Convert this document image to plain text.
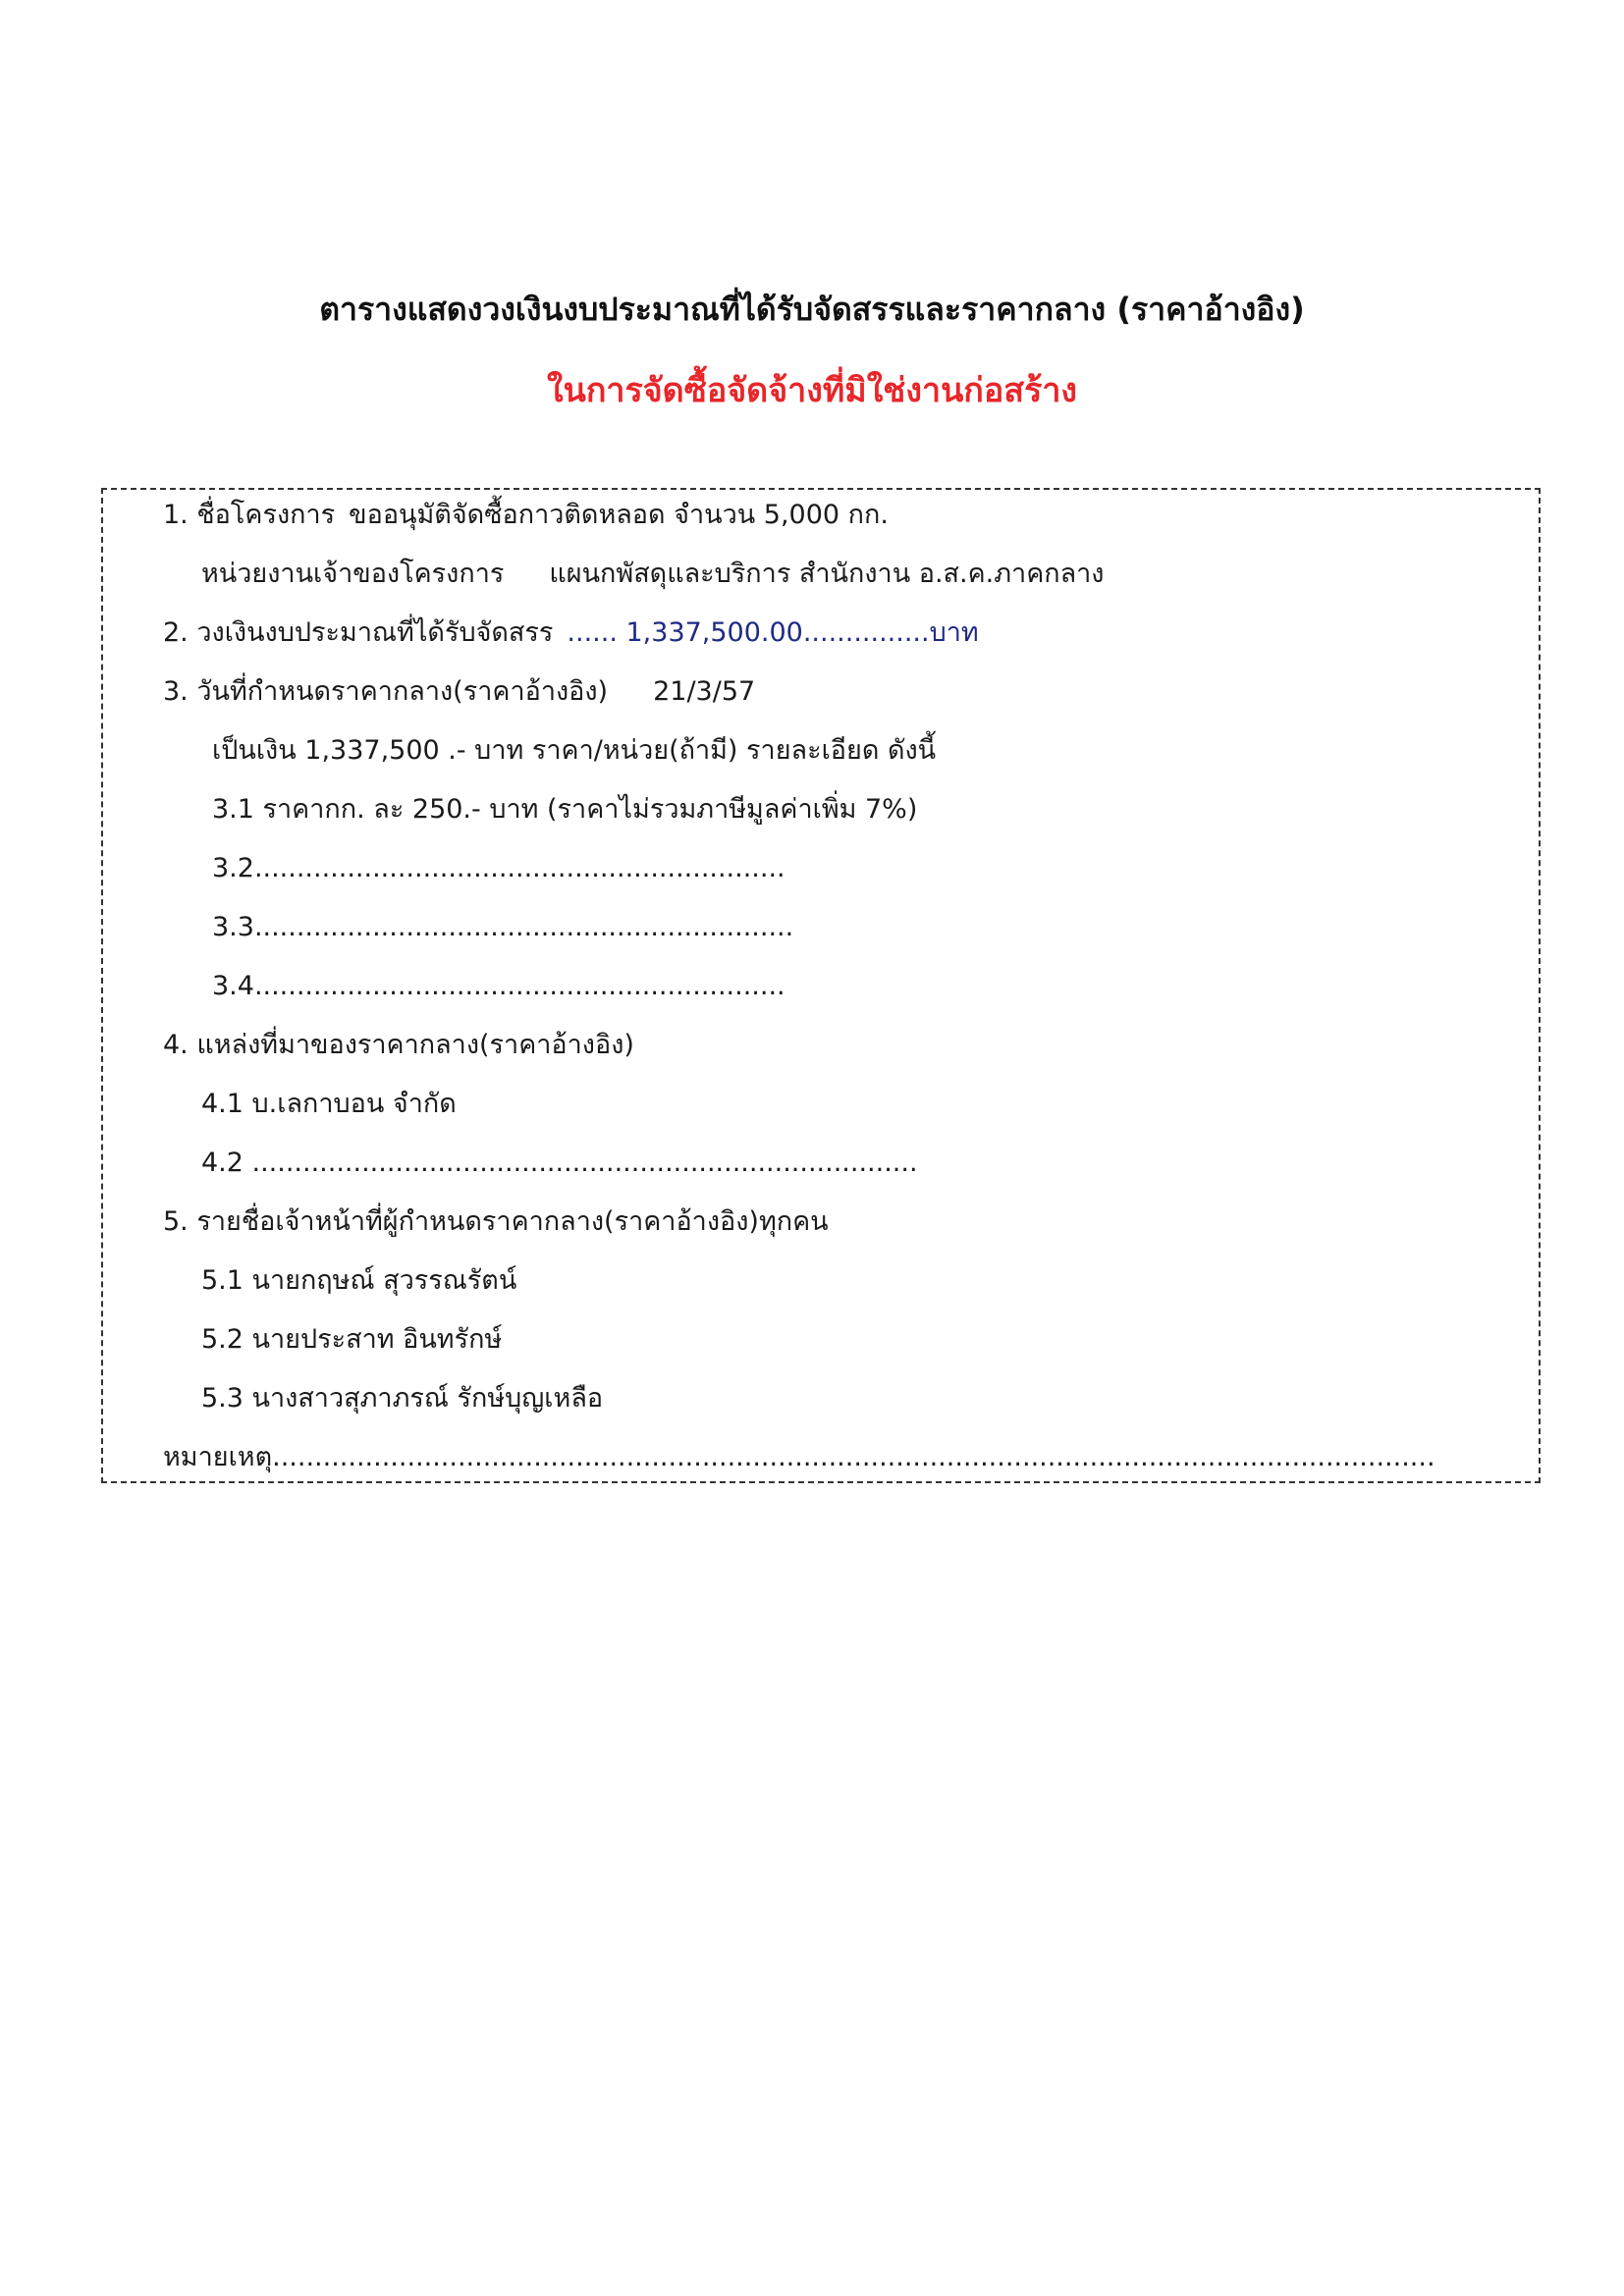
ตารางแสดงวงเงินงบประมาณที่ได้รับจัดสรรและราคากลาง (ราคาอ้างอิง)
ในการจัดซื้อจัดจ้างที่มิใช่งานก่อสร้าง
1. ชื่อโครงการ ขออนุมัติจัดซื้อกาวติดหลอด จำนวน 5,000 กก.
หน่วยงานเจ้าของโครงการ แผนกพัสดุและบริการ สำนักงาน อ.ส.ค.ภาคกลาง
2. วงเงินงบประมาณที่ได้รับจัดสรร ...... 1,337,500.00...............บาท
3. วันที่กำหนดราคากลาง(ราคาอ้างอิง) 21/3/57
เป็นเงิน 1,337,500 .- บาท ราคา/หน่วย(ถ้ามี) รายละเอียด ดังนี้
3.1 ราคากก. ละ 250.- บาท (ราคาไม่รวมภาษีมูลค่าเพิ่ม 7%)
3.2...............................................................
3.3................................................................
3.4...............................................................
4. แหล่งที่มาของราคากลาง(ราคาอ้างอิง)
4.1 บ.เลกาบอน จำกัด
4.2 ...............................................................................
5. รายชื่อเจ้าหน้าที่ผู้กำหนดราคากลาง(ราคาอ้างอิง)ทุกคน
5.1 นายกฤษณ์ สุวรรณรัตน์
5.2 นายประสาท อินทรักษ์
5.3 นางสาวสุภาภรณ์ รักษ์บุญเหลือ
หมายเหตุ..........................................................................................................................................
